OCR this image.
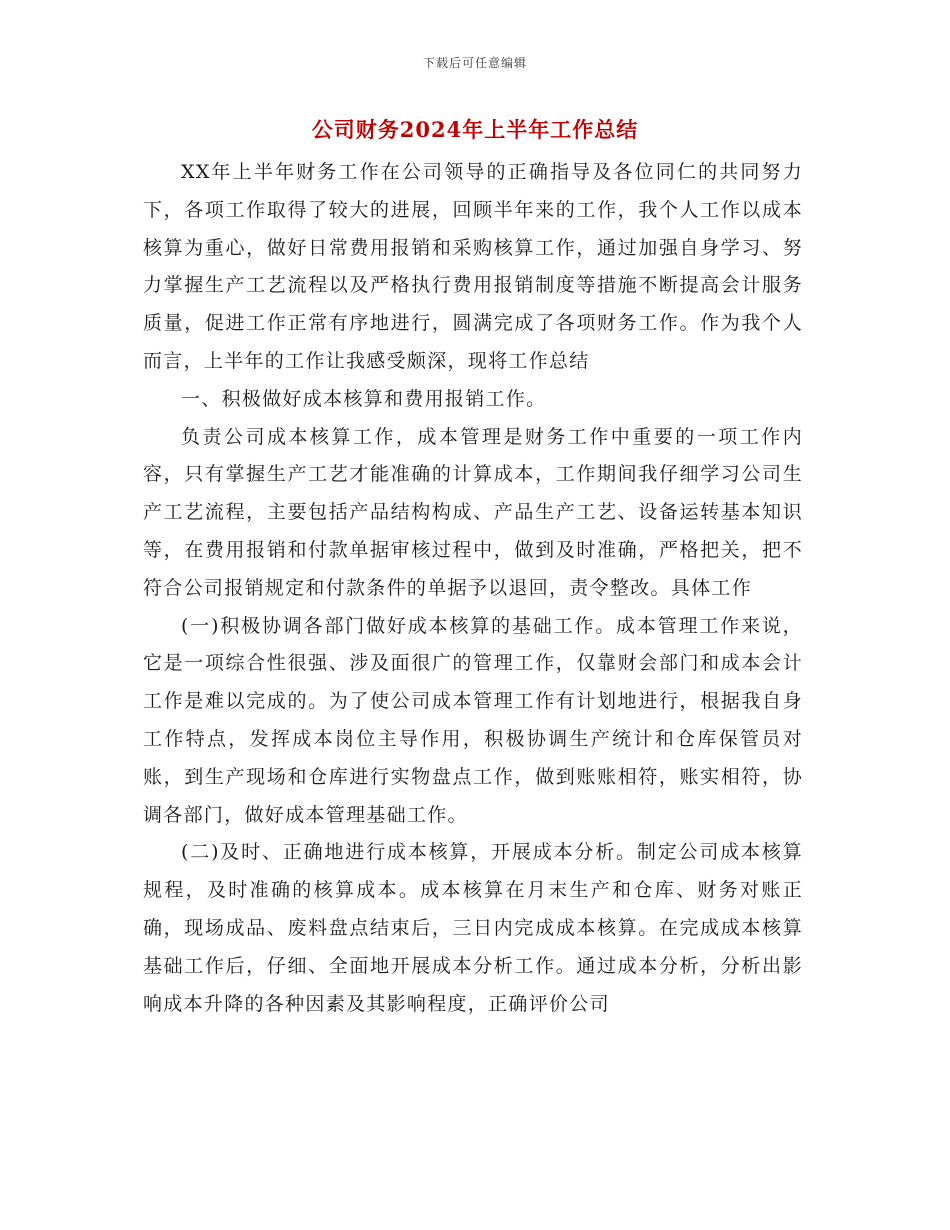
下载后可任意编辑
公司财务2024年上半年工作总结

XX年上半年财务工作在公司领导的正确指导及各位同仁的共同努力下，各项工作取得了较大的进展，回顾半年来的工作，我个人工作以成本核算为重心，做好日常费用报销和采购核算工作，通过加强自身学习、努力掌握生产工艺流程以及严格执行费用报销制度等措施不断提高会计服务质量，促进工作正常有序地进行，圆满完成了各项财务工作。作为我个人而言，上半年的工作让我感受颇深，现将工作总结

一、积极做好成本核算和费用报销工作。

负责公司成本核算工作，成本管理是财务工作中重要的一项工作内容，只有掌握生产工艺才能准确的计算成本，工作期间我仔细学习公司生产工艺流程，主要包括产品结构构成、产品生产工艺、设备运转基本知识等，在费用报销和付款单据审核过程中，做到及时准确，严格把关，把不符合公司报销规定和付款条件的单据予以退回，责令整改。具体工作

(一)积极协调各部门做好成本核算的基础工作。成本管理工作来说，它是一项综合性很强、涉及面很广的管理工作，仅靠财会部门和成本会计工作是难以完成的。为了使公司成本管理工作有计划地进行，根据我自身工作特点，发挥成本岗位主导作用，积极协调生产统计和仓库保管员对账，到生产现场和仓库进行实物盘点工作，做到账账相符，账实相符，协调各部门，做好成本管理基础工作。

(二)及时、正确地进行成本核算，开展成本分析。制定公司成本核算规程，及时准确的核算成本。成本核算在月末生产和仓库、财务对账正确，现场成品、废料盘点结束后，三日内完成成本核算。在完成成本核算基础工作后，仔细、全面地开展成本分析工作。通过成本分析，分析出影响成本升降的各种因素及其影响程度，正确评价公司
